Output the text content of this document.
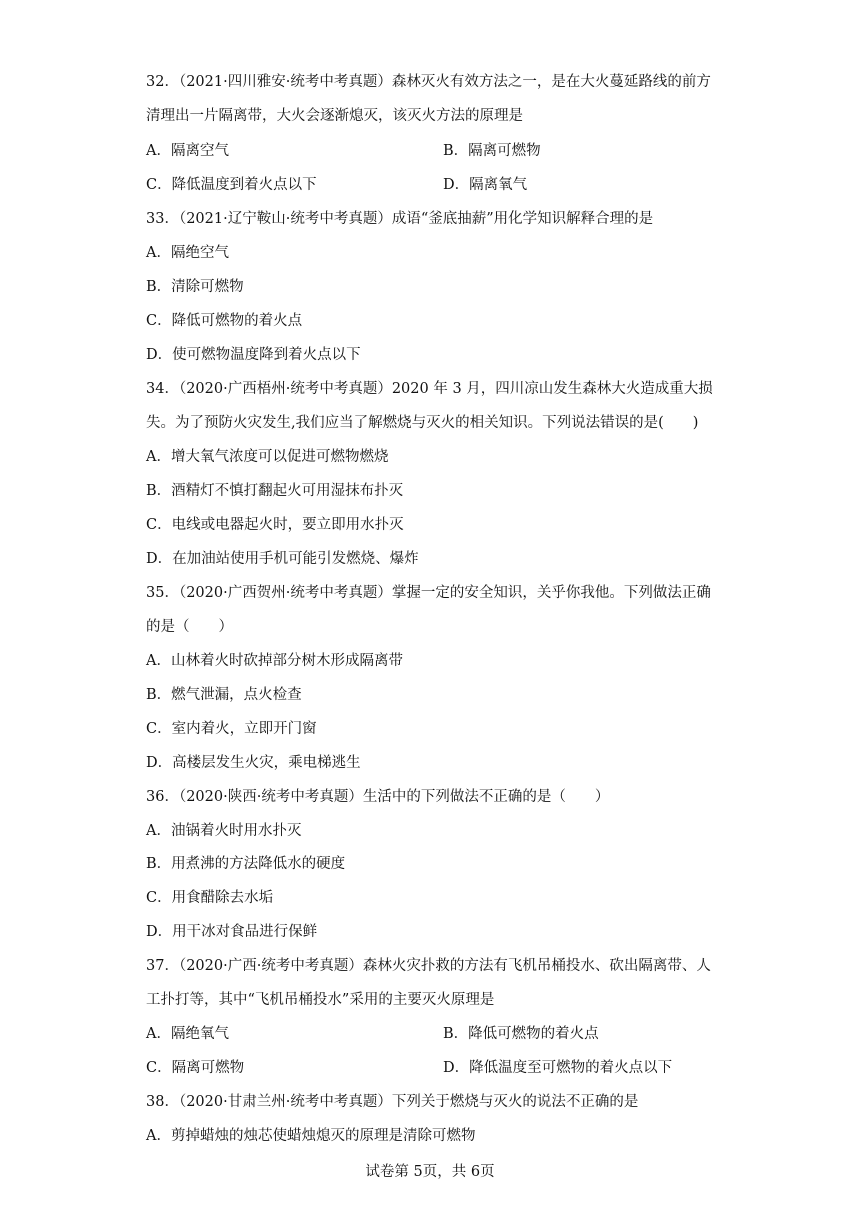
32．（2021·四川雅安·统考中考真题）森林灭火有效方法之一，是在大火蔓延路线的前方
清理出一片隔离带，大火会逐渐熄灭，该灭火方法的原理是
A．隔离空气	B．隔离可燃物
C．降低温度到着火点以下	D．隔离氧气
33．（2021·辽宁鞍山·统考中考真题）成语“釜底抽薪”用化学知识解释合理的是
A．隔绝空气
B．清除可燃物
C．降低可燃物的着火点
D．使可燃物温度降到着火点以下
34．（2020·广西梧州·统考中考真题）2020 年 3 月，四川凉山发生森林大火造成重大损
失。为了预防火灾发生,我们应当了解燃烧与灭火的相关知识。下列说法错误的是(　　)
A．增大氧气浓度可以促进可燃物燃烧
B．酒精灯不慎打翻起火可用湿抹布扑灭
C．电线或电器起火时，要立即用水扑灭
D．在加油站使用手机可能引发燃烧、爆炸
35．（2020·广西贺州·统考中考真题）掌握一定的安全知识，关乎你我他。下列做法正确
的是（　　）
A．山林着火时砍掉部分树木形成隔离带
B．燃气泄漏，点火检查
C．室内着火，立即开门窗
D．高楼层发生火灾，乘电梯逃生
36．（2020·陕西·统考中考真题）生活中的下列做法不正确的是（　　）
A．油锅着火时用水扑灭
B．用煮沸的方法降低水的硬度
C．用食醋除去水垢
D．用干冰对食品进行保鲜
37．（2020·广西·统考中考真题）森林火灾扑救的方法有飞机吊桶投水、砍出隔离带、人
工扑打等，其中“飞机吊桶投水”采用的主要灭火原理是
A．隔绝氧气	B．降低可燃物的着火点
C．隔离可燃物	D．降低温度至可燃物的着火点以下
38．（2020·甘肃兰州·统考中考真题）下列关于燃烧与灭火的说法不正确的是
A．剪掉蜡烛的烛芯使蜡烛熄灭的原理是清除可燃物
试卷第 5页，共 6页
